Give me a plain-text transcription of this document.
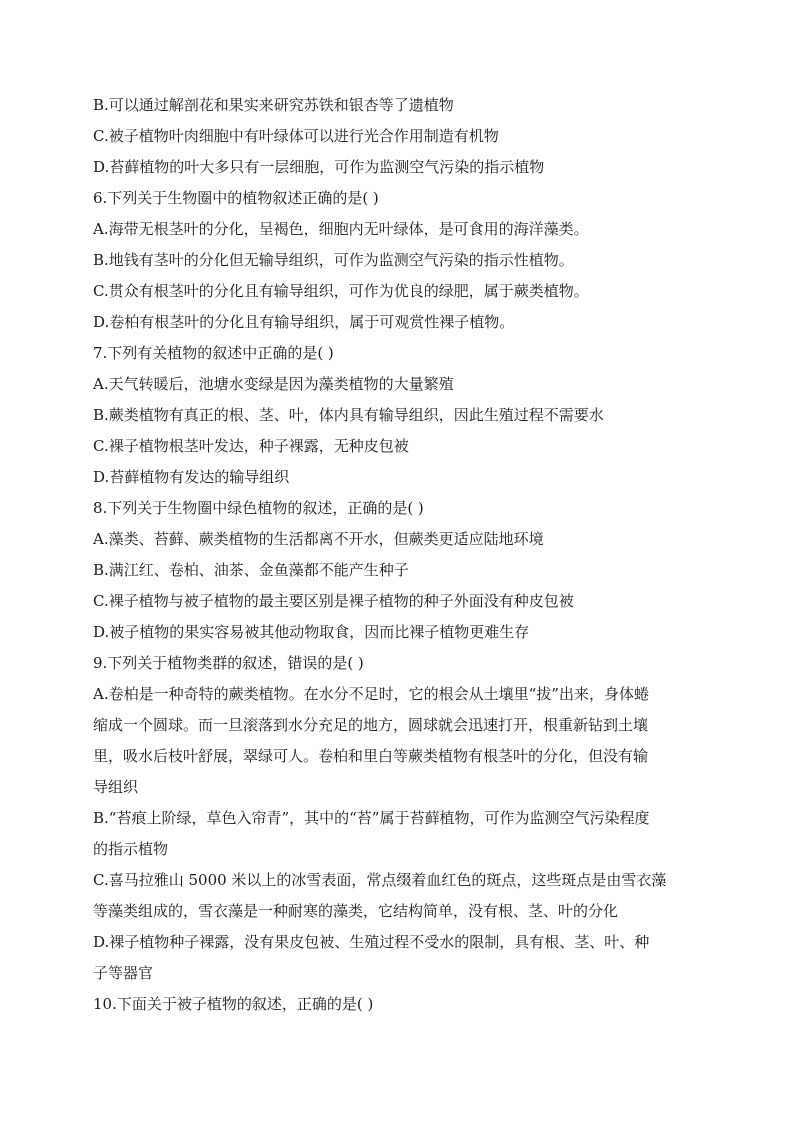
B.可以通过解剖花和果实来研究苏铁和银杏等了遗植物
C.被子植物叶肉细胞中有叶绿体可以进行光合作用制造有机物
D.苔藓植物的叶大多只有一层细胞，可作为监测空气污染的指示植物
6.下列关于生物圈中的植物叙述正确的是( )
A.海带无根茎叶的分化，呈褐色，细胞内无叶绿体，是可食用的海洋藻类。
B.地钱有茎叶的分化但无输导组织，可作为监测空气污染的指示性植物。
C.贯众有根茎叶的分化且有输导组织，可作为优良的绿肥，属于蕨类植物。
D.卷柏有根茎叶的分化且有输导组织，属于可观赏性裸子植物。
7.下列有关植物的叙述中正确的是( )
A.天气转暖后，池塘水变绿是因为藻类植物的大量繁殖
B.蕨类植物有真正的根、茎、叶，体内具有输导组织，因此生殖过程不需要水
C.裸子植物根茎叶发达，种子裸露，无种皮包被
D.苔藓植物有发达的输导组织
8.下列关于生物圈中绿色植物的叙述，正确的是( )
A.藻类、苔藓、蕨类植物的生活都离不开水，但蕨类更适应陆地环境
B.满江红、卷柏、油茶、金鱼藻都不能产生种子
C.裸子植物与被子植物的最主要区别是裸子植物的种子外面没有种皮包被
D.被子植物的果实容易被其他动物取食，因而比裸子植物更难生存
9.下列关于植物类群的叙述，错误的是( )
A.卷柏是一种奇特的蕨类植物。在水分不足时，它的根会从土壤里“拔”出来，身体蜷
缩成一个圆球。而一旦滚落到水分充足的地方，圆球就会迅速打开，根重新钻到土壤
里，吸水后枝叶舒展，翠绿可人。卷柏和里白等蕨类植物有根茎叶的分化，但没有输
导组织
B.“苔痕上阶绿，草色入帘青”，其中的“苔”属于苔藓植物，可作为监测空气污染程度
的指示植物
C.喜马拉雅山 5000 米以上的冰雪表面，常点缀着血红色的斑点，这些斑点是由雪衣藻
等藻类组成的，雪衣藻是一种耐寒的藻类，它结构简单，没有根、茎、叶的分化
D.裸子植物种子裸露，没有果皮包被、生殖过程不受水的限制，具有根、茎、叶、种
子等器官
10.下面关于被子植物的叙述，正确的是( )
